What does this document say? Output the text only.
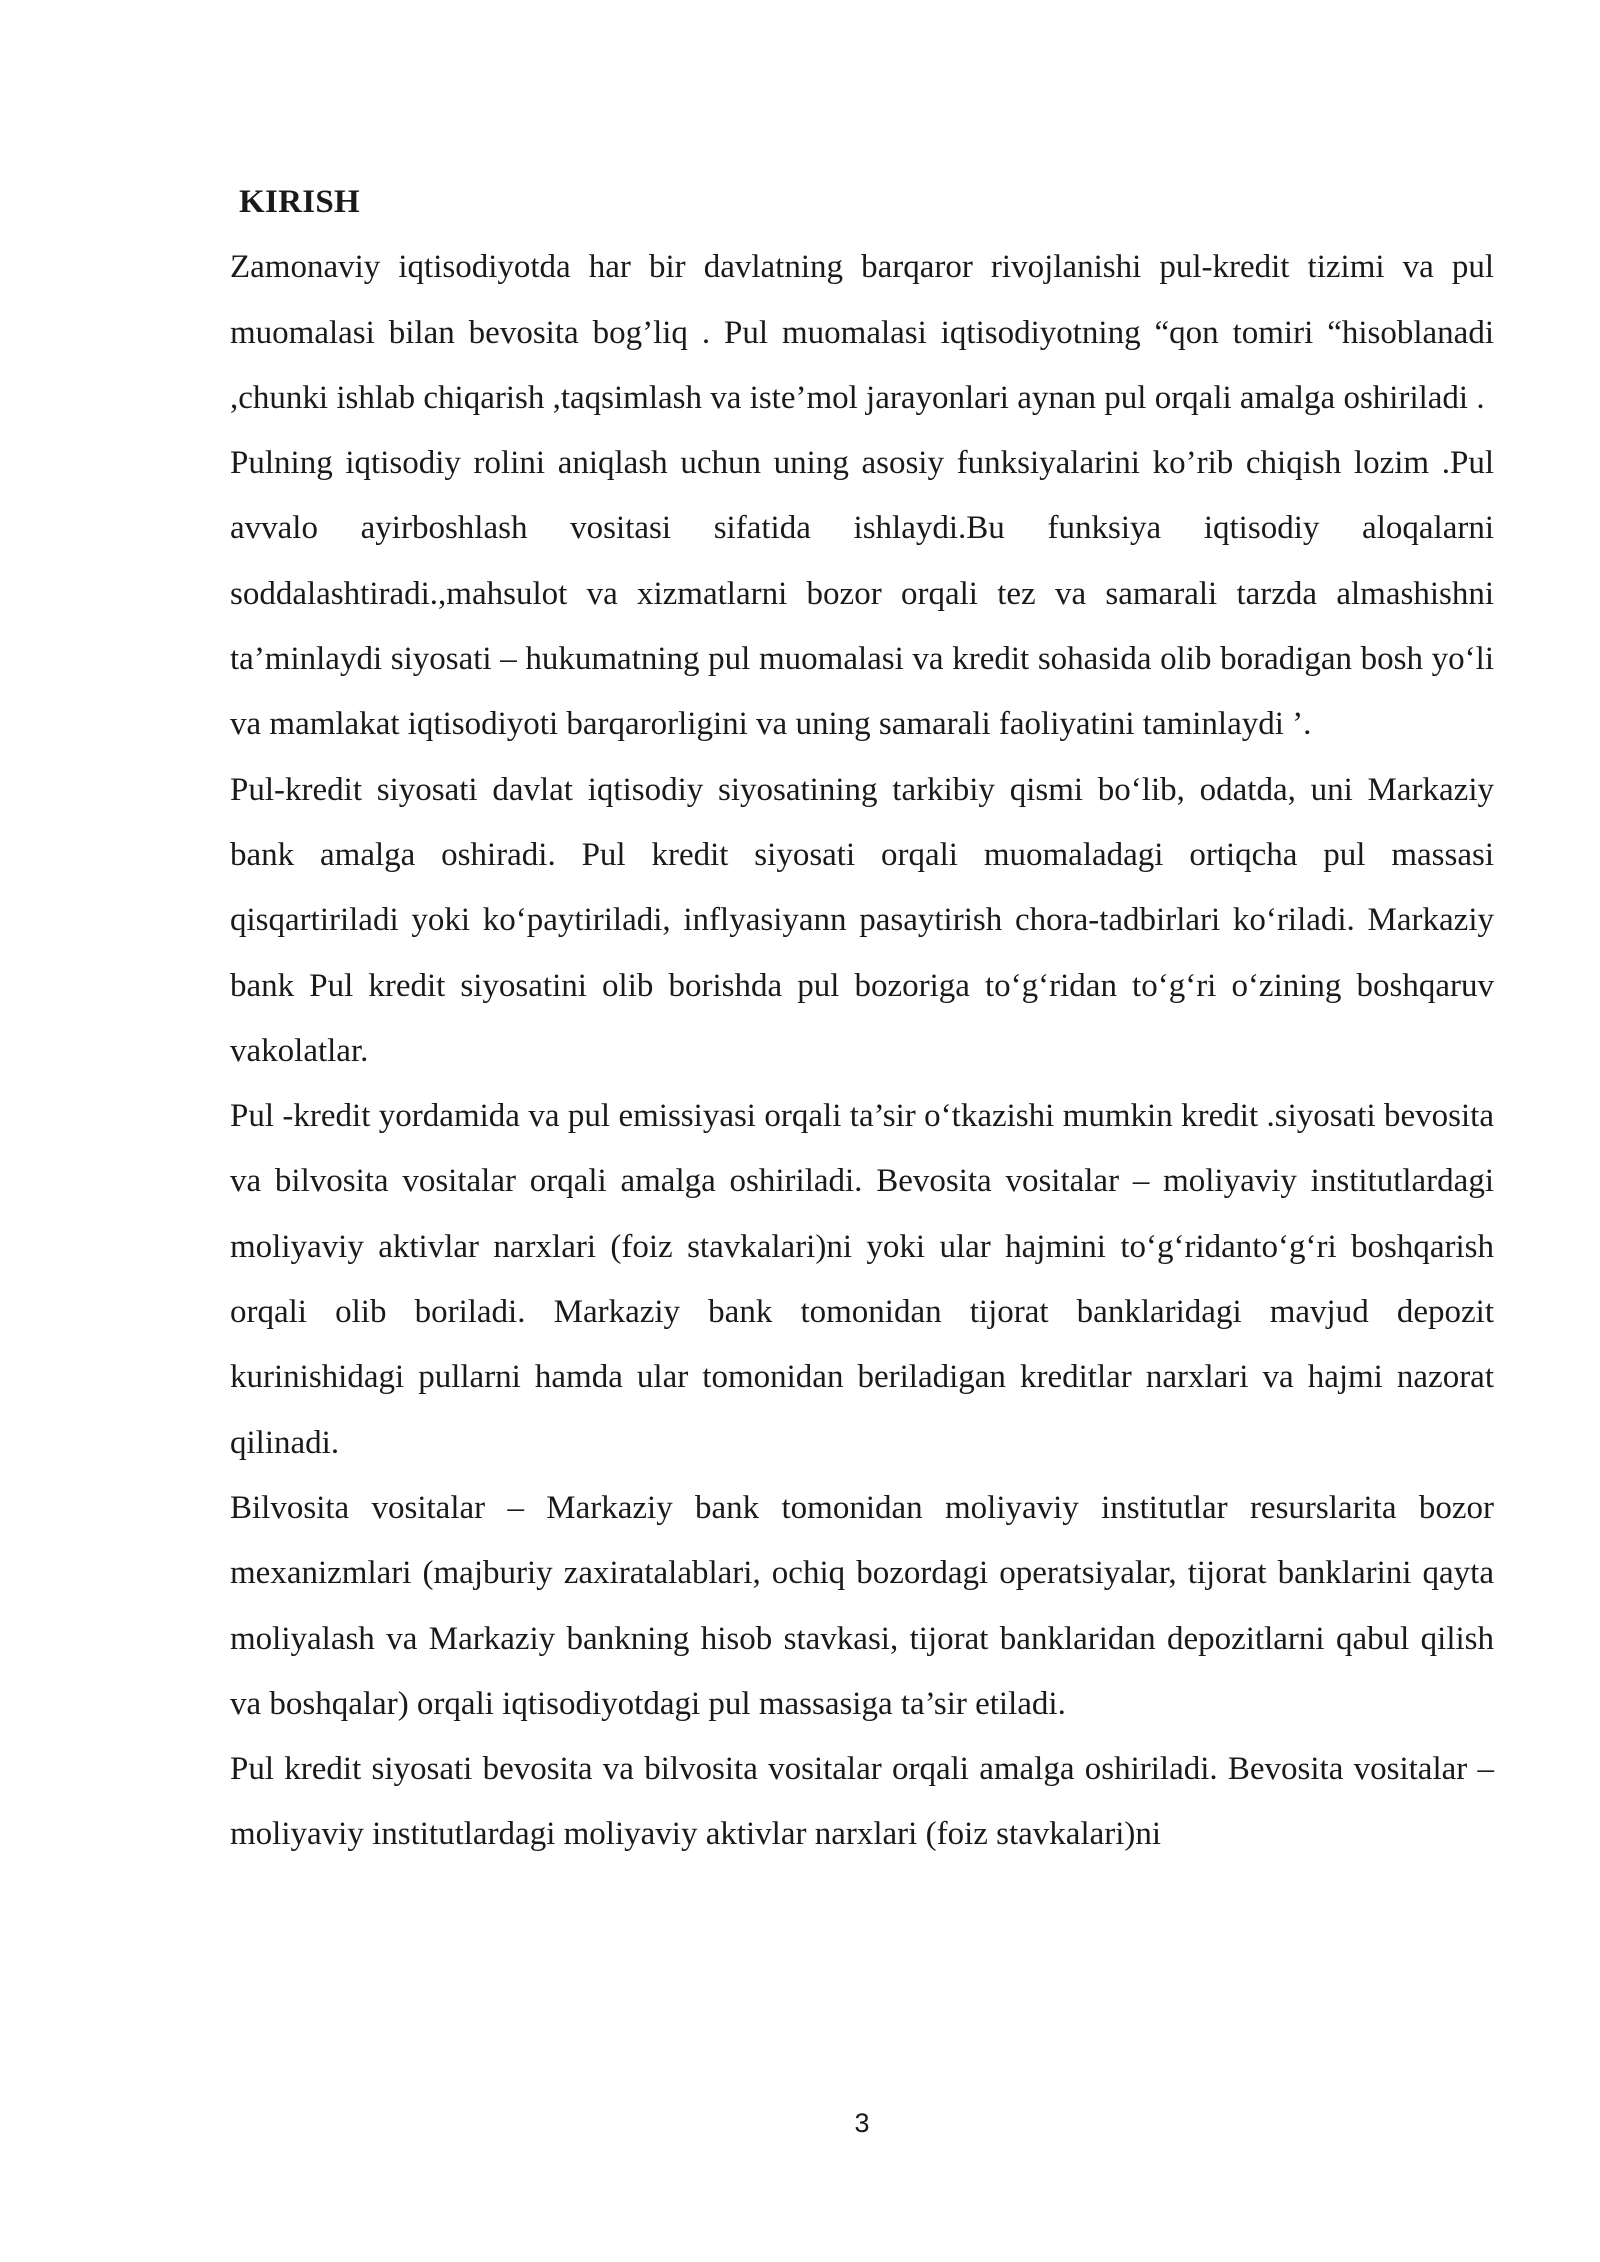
KIRISH

Zamonaviy iqtisodiyotda har bir davlatning barqaror rivojlanishi pul-kredit tizimi va pul muomalasi bilan bevosita bog’liq . Pul muomalasi iqtisodiyotning “qon tomiri “hisoblanadi ,chunki ishlab chiqarish ,taqsimlash va iste’mol jarayonlari aynan pul orqali amalga oshiriladi .

Pulning iqtisodiy rolini aniqlash uchun uning asosiy funksiyalarini ko’rib chiqish lozim .Pul avvalo ayirboshlash vositasi sifatida ishlaydi.Bu funksiya iqtisodiy aloqalarni soddalashtiradi.,mahsulot va xizmatlarni bozor orqali tez va samarali tarzda almashishni ta’minlaydi siyosati – hukumatning pul muomalasi va kredit sohasida olib boradigan bosh yo‘li va mamlakat iqtisodiyoti barqarorligini va uning samarali faoliyatini taminlaydi ’.

Pul-kredit siyosati davlat iqtisodiy siyosatining tarkibiy qismi bo‘lib, odatda, uni Markaziy bank amalga oshiradi. Pul kredit siyosati orqali muomaladagi ortiqcha pul massasi qisqartiriladi yoki ko‘paytiriladi, inflyasiyann pasaytirish chora-tadbirlari ko‘riladi. Markaziy bank Pul kredit siyosatini olib borishda pul bozoriga to‘g‘ridan to‘g‘ri o‘zining boshqaruv vakolatlar.

Pul -kredit yordamida va pul emissiyasi orqali ta’sir o‘tkazishi mumkin kredit .siyosati bevosita va bilvosita vositalar orqali amalga oshiriladi. Bevosita vositalar – moliyaviy institutlardagi moliyaviy aktivlar narxlari (foiz stavkalari)ni yoki ular hajmini to‘g‘ridanto‘g‘ri boshqarish orqali olib boriladi. Markaziy bank tomonidan tijorat banklaridagi mavjud depozit kurinishidagi pullarni hamda ular tomonidan beriladigan kreditlar narxlari va hajmi nazorat qilinadi.

Bilvosita vositalar – Markaziy bank tomonidan moliyaviy institutlar resurslarita bozor mexanizmlari (majburiy zaxiratalablari, ochiq bozordagi operatsiyalar, tijorat banklarini qayta moliyalash va Markaziy bankning hisob stavkasi, tijorat banklaridan depozitlarni qabul qilish va boshqalar) orqali iqtisodiyotdagi pul massasiga ta’sir etiladi.

Pul kredit siyosati bevosita va bilvosita vositalar orqali amalga oshiriladi. Bevosita vositalar – moliyaviy institutlardagi moliyaviy aktivlar narxlari (foiz stavkalari)ni

3
